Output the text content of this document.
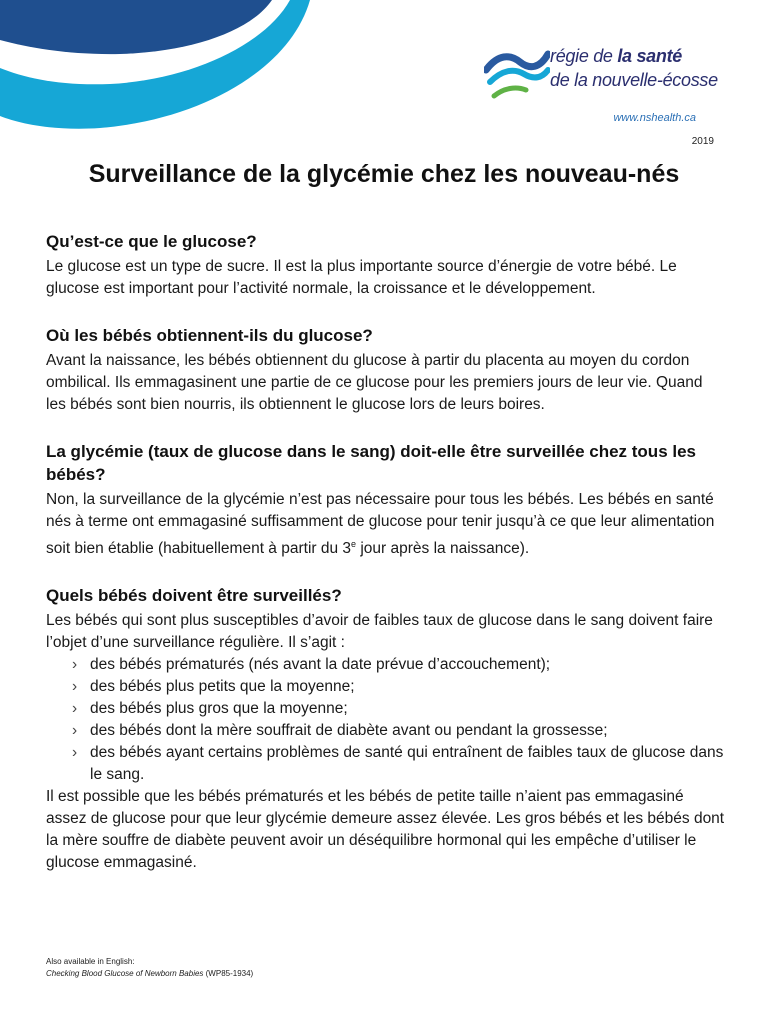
régie de la santé
de la nouvelle-écosse
www.nshealth.ca
2019
Surveillance de la glycémie chez les nouveau-nés
Qu’est-ce que le glucose?

Le glucose est un type de sucre. Il est la plus importante source d’énergie de votre bébé. Le glucose est important pour l’activité normale, la croissance et le développement.

Où les bébés obtiennent-ils du glucose?

Avant la naissance, les bébés obtiennent du glucose à partir du placenta au moyen du cordon ombilical. Ils emmagasinent une partie de ce glucose pour les premiers jours de leur vie. Quand les bébés sont bien nourris, ils obtiennent le glucose lors de leurs boires.

La glycémie (taux de glucose dans le sang) doit-elle être surveillée chez tous les bébés?

Non, la surveillance de la glycémie n’est pas nécessaire pour tous les bébés. Les bébés en santé nés à terme ont emmagasiné suffisamment de glucose pour tenir jusqu’à ce que leur alimentation soit bien établie (habituellement à partir du 3e jour après la naissance).

Quels bébés doivent être surveillés?

Les bébés qui sont plus susceptibles d’avoir de faibles taux de glucose dans le sang doivent faire l’objet d’une surveillance régulière. Il s’agit :

› des bébés prématurés (nés avant la date prévue d’accouchement);
› des bébés plus petits que la moyenne;
› des bébés plus gros que la moyenne;
› des bébés dont la mère souffrait de diabète avant ou pendant la grossesse;
› des bébés ayant certains problèmes de santé qui entraînent de faibles taux de glucose dans le sang.

Il est possible que les bébés prématurés et les bébés de petite taille n’aient pas emmagasiné assez de glucose pour que leur glycémie demeure assez élevée. Les gros bébés et les bébés dont la mère souffre de diabète peuvent avoir un déséquilibre hormonal qui les empêche d’utiliser le glucose emmagasiné.

Also available in English:
Checking Blood Glucose of Newborn Babies (WP85-1934)
